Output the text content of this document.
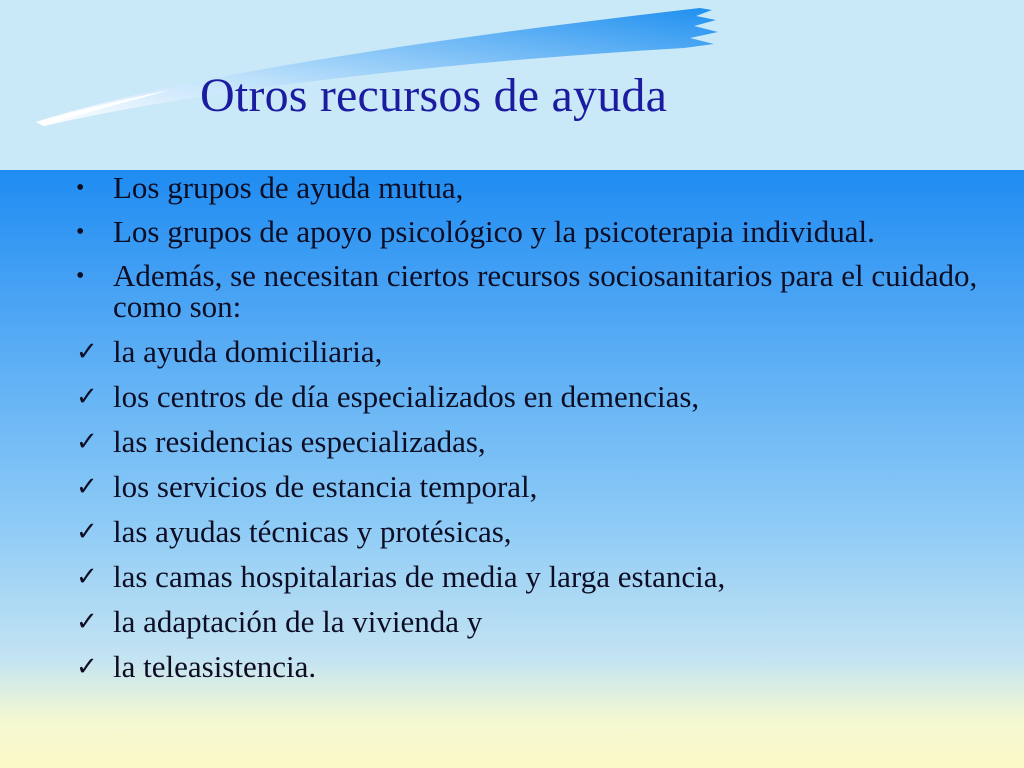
Otros recursos de ayuda
• Los grupos de ayuda mutua,
• Los grupos de apoyo psicológico y la psicoterapia individual.
• Además, se necesitan ciertos recursos sociosanitarios para el cuidado, como son:
✓ la ayuda domiciliaria,
✓ los centros de día especializados en demencias,
✓ las residencias especializadas,
✓ los servicios de estancia temporal,
✓ las ayudas técnicas y protésicas,
✓ las camas hospitalarias de media y larga estancia,
✓ la adaptación de la vivienda y
✓ la teleasistencia.
